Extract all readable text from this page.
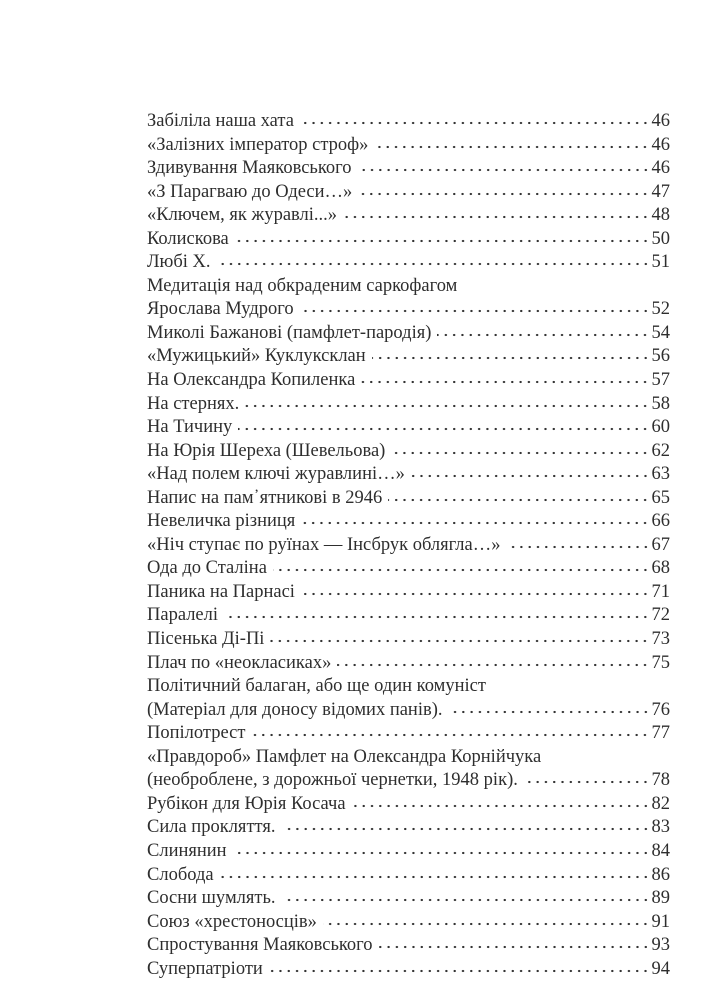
Забіліла наша хата	46
«Залізних імператор строф»	46
Здивування Маяковського	46
«З Парагваю до Одеси…»	47
«Ключем, як журавлі...»	48
Колискова	50
Любі Х.	51
Медитація над обкраденим саркофагом
Ярослава Мудрого	52
Миколі Бажанові (памфлет-пародія)	54
«Мужицький» Куклуксклан	56
На Олександра Копиленка	57
На стернях.	58
На Тичину	60
На Юрія Шереха (Шевельова)	62
«Над полем ключі журавлині…»	63
Напис на пам᾿ятникові в 2946	65
Невеличка різниця	66
«Ніч ступає по руїнах — Інсбрук облягла…»	67
Ода до Сталіна	68
Паника на Парнасі	71
Паралелі	72
Пісенька Ді-Пі	73
Плач по «неокласиках»	75
Політичний балаган, або ще один комуніст
(Матеріал для доносу відомих панів).	76
Попілотрест	77
«Правдороб» Памфлет на Олександра Корнійчука
(необроблене, з дорожньої чернетки, 1948 рік).	78
Рубікон для Юрія Косача	82
Сила прокляття.	83
Слинянин	84
Слобода	86
Сосни шумлять.	89
Союз «хрестоносців»	91
Спростування Маяковського	93
Суперпатріоти	94
